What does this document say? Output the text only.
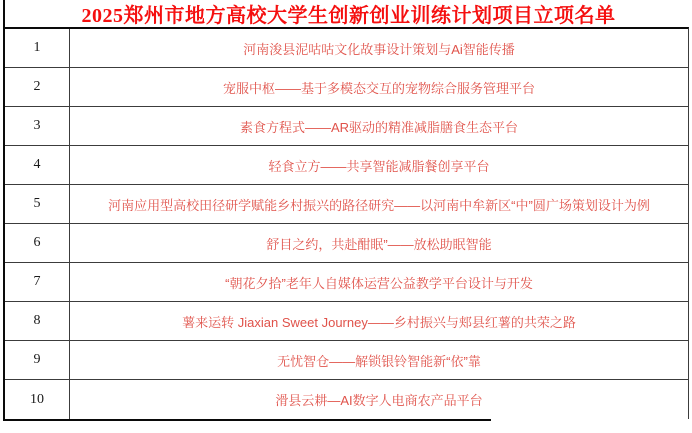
2025郑州市地方高校大学生创新创业训练计划项目立项名单
1	河南浚县泥咕咕文化故事设计策划与Ai智能传播
2	宠服中枢——基于多模态交互的宠物综合服务管理平台
3	素食方程式——AR驱动的精准减脂膳食生态平台
4	轻食立方——共享智能减脂餐创享平台
5	河南应用型高校田径研学赋能乡村振兴的路径研究——以河南中牟新区“中”圆广场策划设计为例
6	舒目之约，共赴酣眠”——放松助眠智能
7	“朝花夕拾”老年人自媒体运营公益教学平台设计与开发
8	薯来运转 Jiaxian Sweet Journey——乡村振兴与郏县红薯的共荣之路
9	无忧智仓——解锁银铃智能新“依”靠
10	滑县云耕—AI数字人电商农产品平台
